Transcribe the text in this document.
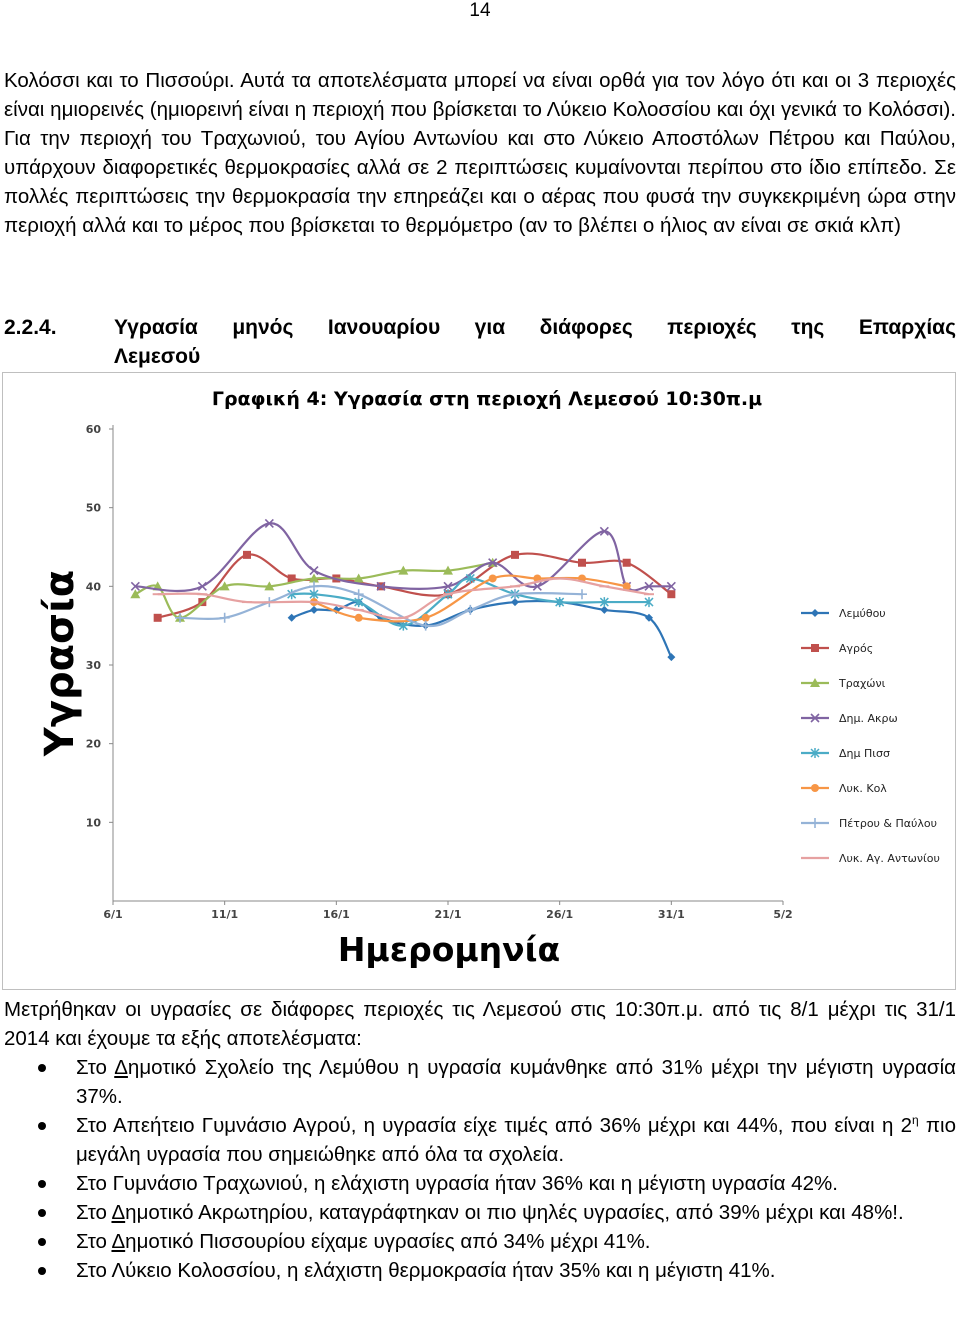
14

Κολόσσι και το Πισσούρι. Αυτά τα αποτελέσματα μπορεί να είναι ορθά για τον λόγο ότι και οι 3 περιοχές είναι ημιορεινές (ημιορεινή είναι η περιοχή που βρίσκεται το Λύκειο Κολοσσίου και όχι γενικά το Κολόσσι). Για την περιοχή του Τραχωνιού, του Αγίου Αντωνίου και στο Λύκειο Αποστόλων Πέτρου και Παύλου, υπάρχουν διαφορετικές θερμοκρασίες αλλά σε 2 περιπτώσεις κυμαίνονται περίπου στο ίδιο επίπεδο. Σε πολλές περιπτώσεις την θερμοκρασία την επηρεάζει και ο αέρας που φυσά την συγκεκριμένη ώρα στην περιοχή αλλά και το μέρος που βρίσκεται το θερμόμετρο (αν το βλέπει ο ήλιος αν είναι σε σκιά κλπ)

2.2.4.	Υγρασία μηνός Ιανουαρίου για διάφορες περιοχές της Επαρχίας
Λεμεσού
Γραφική 4: Υγρασία στη περιοχή Λεμεσού 10:30π.μ
10
20
30
40
50
60
6/1	11/1	16/1	21/1	26/1	31/1	5/2
Ημερομηνία
Υγρασία	Λεμύθου
Αγρός
Τραχώνι
Δημ. Ακρω
Δημ Πισσ
Λυκ. Κολ
Πέτρου & Παύλου
Λυκ. Αγ. Αντωνίου

Μετρήθηκαν οι υγρασίες σε διάφορες περιοχές τις Λεμεσού στις 10:30π.μ. από τις 8/1 μέχρι τις 31/1 2014 και έχουμε τα εξής αποτελέσματα:

Στο Δημοτικό Σχολείο της Λεμύθου η υγρασία κυμάνθηκε από 31% μέχρι την μέγιστη υγρασία 37%.
Στο Απεήτειο Γυμνάσιο Αγρού, η υγρασία είχε τιμές από 36% μέχρι και 44%, που είναι η $2^\eta$ πιο μεγάλη υγρασία που σημειώθηκε από όλα τα σχολεία.
Στο Γυμνάσιο Τραχωνιού, η ελάχιστη υγρασία ήταν 36% και η μέγιστη υγρασία 42%.
Στο Δημοτικό Ακρωτηρίου, καταγράφτηκαν οι πιο ψηλές υγρασίες, από 39% μέχρι και 48%!.
Στο Δημοτικό Πισσουρίου είχαμε υγρασίες από 34% μέχρι 41%.
Στο Λύκειο Κολοσσίου, η ελάχιστη θερμοκρασία ήταν 35% και η μέγιστη 41%.
